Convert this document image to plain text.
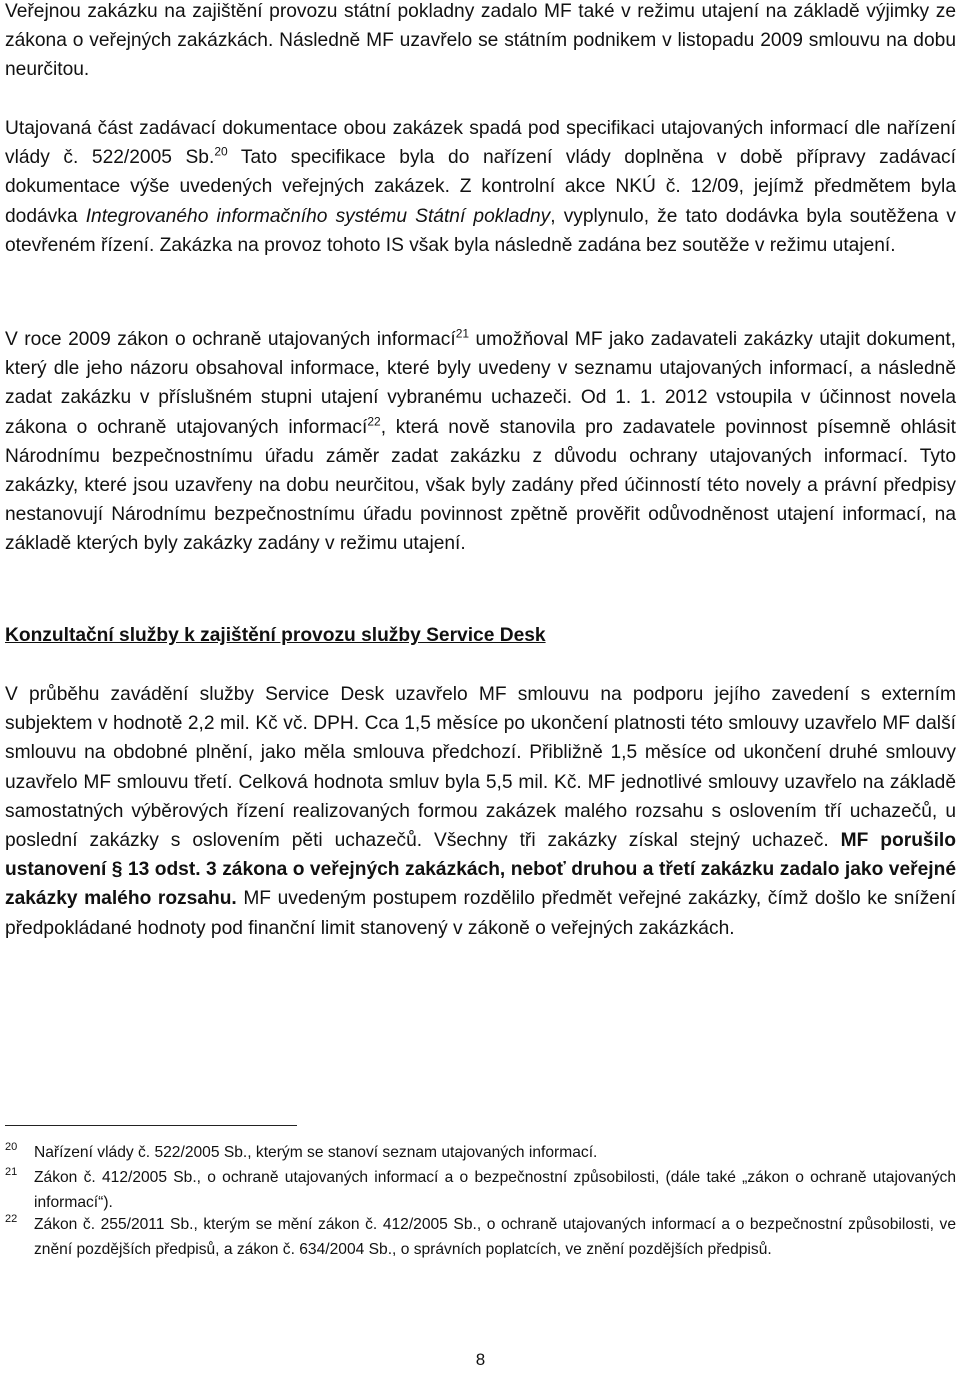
Veřejnou zakázku na zajištění provozu státní pokladny zadalo MF také v režimu utajení na základě výjimky ze zákona o veřejných zakázkách. Následně MF uzavřelo se státním podnikem v listopadu 2009 smlouvu na dobu neurčitou.

Utajovaná část zadávací dokumentace obou zakázek spadá pod specifikaci utajovaných informací dle nařízení vlády č. 522/2005 Sb.$^{20}$ Tato specifikace byla do nařízení vlády doplněna v době přípravy zadávací dokumentace výše uvedených veřejných zakázek. Z kontrolní akce NKÚ č. 12/09, jejímž předmětem byla dodávka Integrovaného informačního systému Státní pokladny, vyplynulo, že tato dodávka byla soutěžena v otevřeném řízení. Zakázka na provoz tohoto IS však byla následně zadána bez soutěže v režimu utajení.

V roce 2009 zákon o ochraně utajovaných informací$^{21}$ umožňoval MF jako zadavateli zakázky utajit dokument, který dle jeho názoru obsahoval informace, které byly uvedeny v seznamu utajovaných informací, a následně zadat zakázku v příslušném stupni utajení vybranému uchazeči. Od 1. 1. 2012 vstoupila v účinnost novela zákona o ochraně utajovaných informací$^{22}$, která nově stanovila pro zadavatele povinnost písemně ohlásit Národnímu bezpečnostnímu úřadu záměr zadat zakázku z důvodu ochrany utajovaných informací. Tyto zakázky, které jsou uzavřeny na dobu neurčitou, však byly zadány před účinností této novely a právní předpisy nestanovují Národnímu bezpečnostnímu úřadu povinnost zpětně prověřit odůvodněnost utajení informací, na základě kterých byly zakázky zadány v režimu utajení.

Konzultační služby k zajištění provozu služby Service Desk

V průběhu zavádění služby Service Desk uzavřelo MF smlouvu na podporu jejího zavedení s externím subjektem v hodnotě 2,2 mil. Kč vč. DPH. Cca 1,5 měsíce po ukončení platnosti této smlouvy uzavřelo MF další smlouvu na obdobné plnění, jako měla smlouva předchozí. Přibližně 1,5 měsíce od ukončení druhé smlouvy uzavřelo MF smlouvu třetí. Celková hodnota smluv byla 5,5 mil. Kč. MF jednotlivé smlouvy uzavřelo na základě samostatných výběrových řízení realizovaných formou zakázek malého rozsahu s oslovením tří uchazečů, u poslední zakázky s oslovením pěti uchazečů. Všechny tři zakázky získal stejný uchazeč. MF porušilo ustanovení § 13 odst. 3 zákona o veřejných zakázkách, neboť druhou a třetí zakázku zadalo jako veřejné zakázky malého rozsahu. MF uvedeným postupem rozdělilo předmět veřejné zakázky, čímž došlo ke snížení předpokládané hodnoty pod finanční limit stanovený v zákoně o veřejných zakázkách.

20 Nařízení vlády č. 522/2005 Sb., kterým se stanoví seznam utajovaných informací.

21 Zákon č. 412/2005 Sb., o ochraně utajovaných informací a o bezpečnostní způsobilosti, (dále také „zákon o ochraně utajovaných informací“).

22 Zákon č. 255/2011 Sb., kterým se mění zákon č. 412/2005 Sb., o ochraně utajovaných informací a o bezpečnostní způsobilosti, ve znění pozdějších předpisů, a zákon č. 634/2004 Sb., o správních poplatcích, ve znění pozdějších předpisů.

8
